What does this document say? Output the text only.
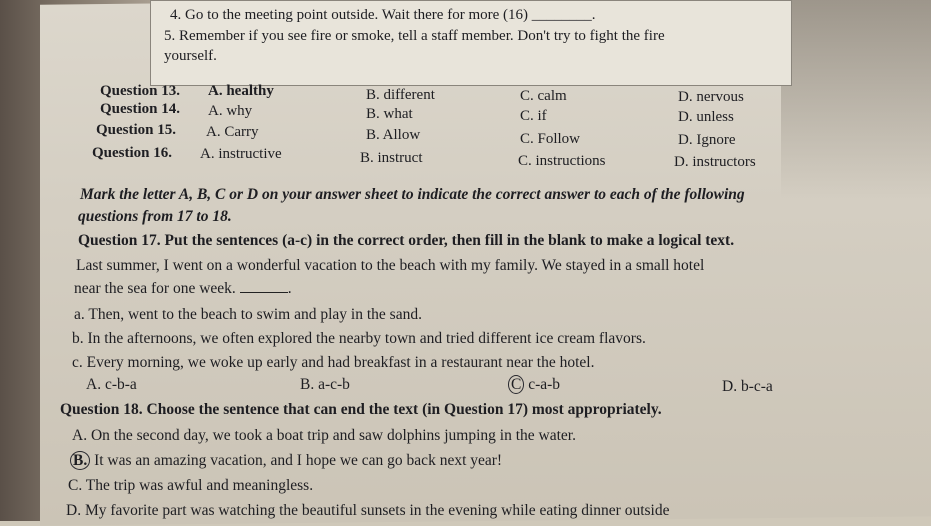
4. Go to the meeting point outside. Wait there for more (16) ________.
5. Remember if you see fire or smoke, tell a staff member. Don't try to fight the fire
yourself.
Question 13. A. healthy	B. different	C. calm	D. nervous
Question 14. A. why	B. what	C. if	D. unless
Question 15. A. Carry	B. Allow	C. Follow	D. Ignore
Question 16. A. instructive	B. instruct	C. instructions	D. instructors
Mark the letter A, B, C or D on your answer sheet to indicate the correct answer to each of the following
questions from 17 to 18.
Question 17. Put the sentences (a-c) in the correct order, then fill in the blank to make a logical text.
Last summer, I went on a wonderful vacation to the beach with my family. We stayed in a small hotel
near the sea for one week.	.
a. Then, went to the beach to swim and play in the sand.
b. In the afternoons, we often explored the nearby town and tried different ice cream flavors.
c. Every morning, we woke up early and had breakfast in a restaurant near the hotel.
A. c-b-a	B. a-c-b	C c-a-b	D. b-c-a
Question 18. Choose the sentence that can end the text (in Question 17) most appropriately.
A. On the second day, we took a boat trip and saw dolphins jumping in the water.
B. It was an amazing vacation, and I hope we can go back next year!
C. The trip was awful and meaningless.
D. My favorite part was watching the beautiful sunsets in the evening while eating dinner outside
